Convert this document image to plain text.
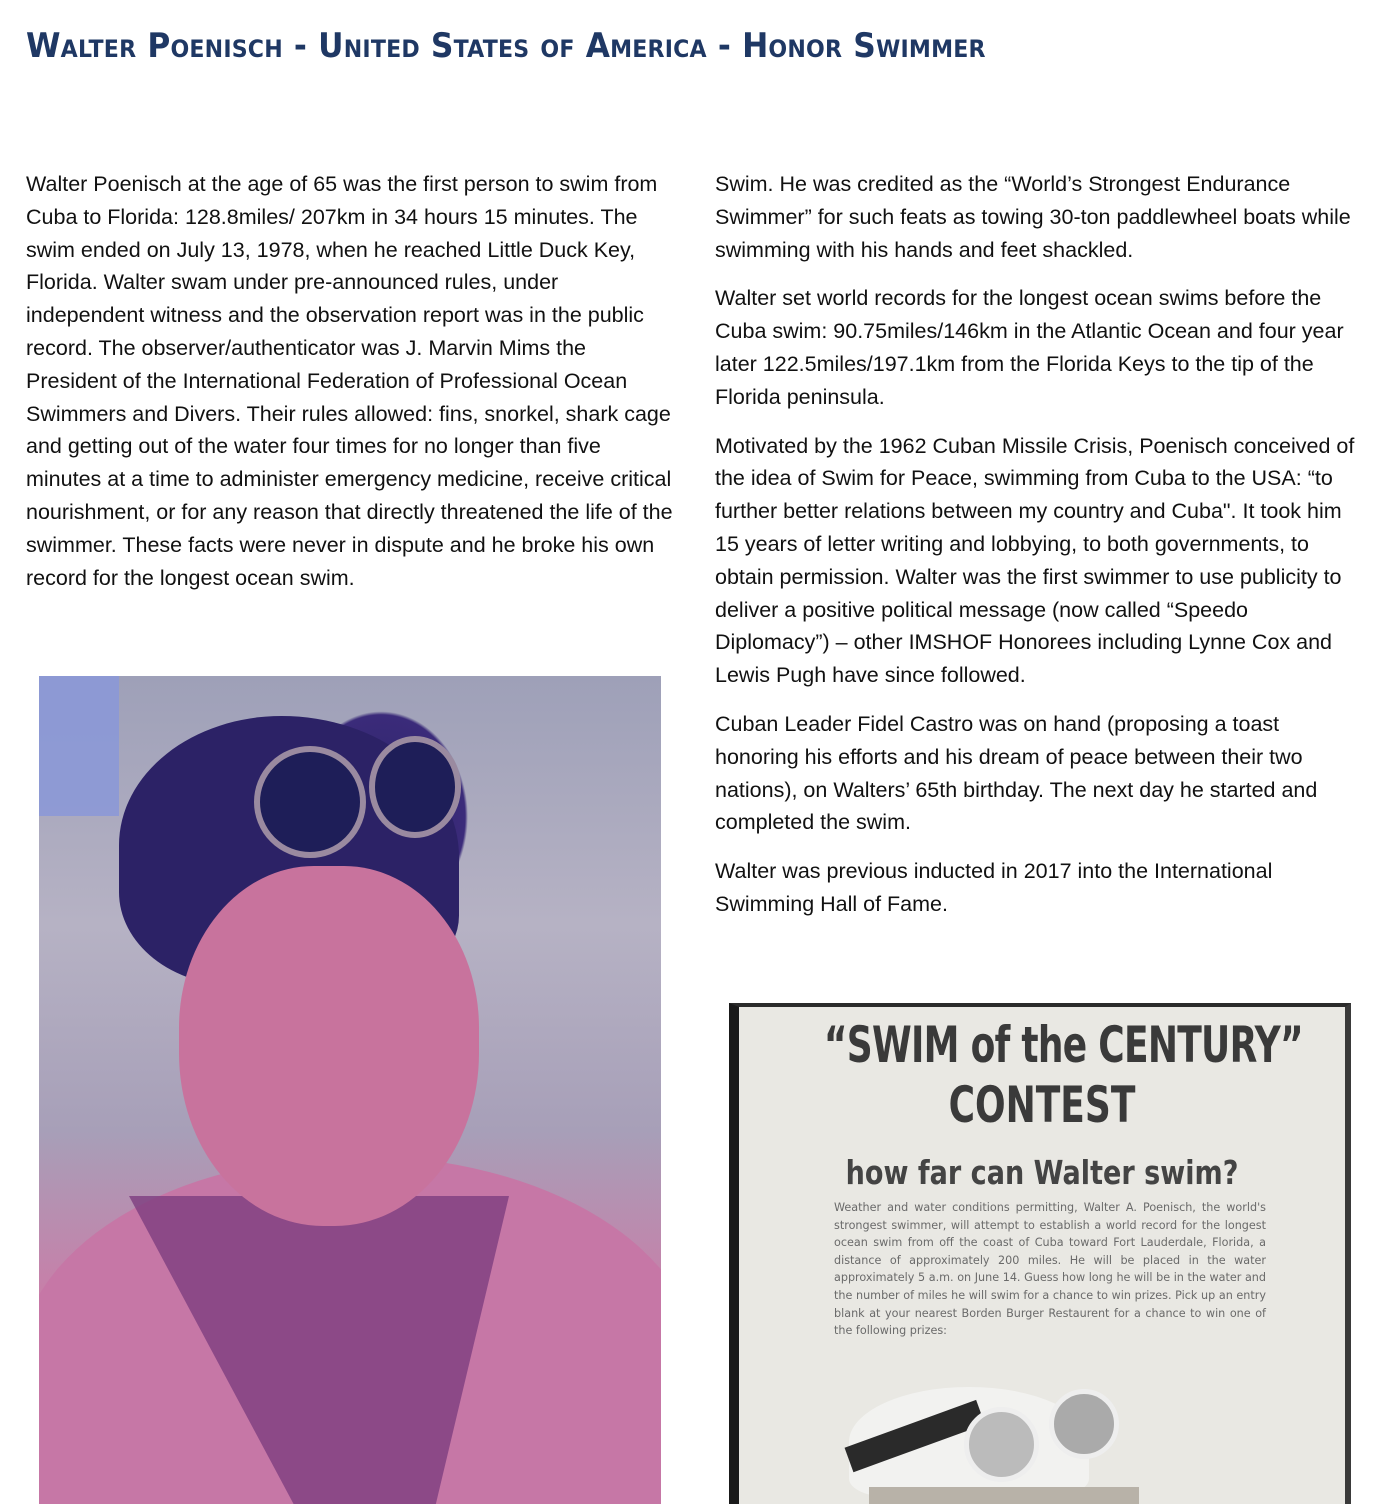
Walter Poenisch - United States of America - Honor Swimmer

Walter Poenisch at the age of 65 was the first person to swim from Cuba to Florida: 128.8miles/ 207km in 34 hours 15 minutes. The swim ended on July 13, 1978, when he reached Little Duck Key, Florida. Walter swam under pre-announced rules, under independent witness and the observation report was in the public record. The observer/authenticator was J. Marvin Mims the President of the International Federation of Professional Ocean Swimmers and Divers. Their rules allowed: fins, snorkel, shark cage and getting out of the water four times for no longer than five minutes at a time to administer emergency medicine, receive critical nourishment, or for any reason that directly threatened the life of the swimmer. These facts were never in dispute and he broke his own record for the longest ocean swim.

Swim. He was credited as the “World’s Strongest Endurance Swimmer” for such feats as towing 30-ton paddlewheel boats while swimming with his hands and feet shackled.

Walter set world records for the longest ocean swims before the Cuba swim: 90.75miles/146km in the Atlantic Ocean and four year later 122.5miles/197.1km from the Florida Keys to the tip of the Florida peninsula.

Motivated by the 1962 Cuban Missile Crisis, Poenisch conceived of the idea of Swim for Peace, swimming from Cuba to the USA: “to further better relations between my country and Cuba". It took him 15 years of letter writing and lobbying, to both governments, to obtain permission. Walter was the first swimmer to use publicity to deliver a positive political message (now called “Speedo Diplomacy”) – other IMSHOF Honorees including Lynne Cox and Lewis Pugh have since followed.

Cuban Leader Fidel Castro was on hand (proposing a toast honoring his efforts and his dream of peace between their two nations), on Walters’ 65th birthday. The next day he started and completed the swim.

Walter was previous inducted in 2017 into the International Swimming Hall of Fame.

“SWIM of the CENTURY”
CONTEST
how far can Walter swim?
Weather and water conditions permitting, Walter A. Poenisch, the world's strongest swimmer, will attempt to establish a world record for the longest ocean swim from off the coast of Cuba toward Fort Lauderdale, Florida, a distance of approximately 200 miles. He will be placed in the water approximately 5 a.m. on June 14. Guess how long he will be in the water and the number of miles he will swim for a chance to win prizes. Pick up an entry blank at your nearest Borden Burger Restaurent for a chance to win one of the following prizes:
